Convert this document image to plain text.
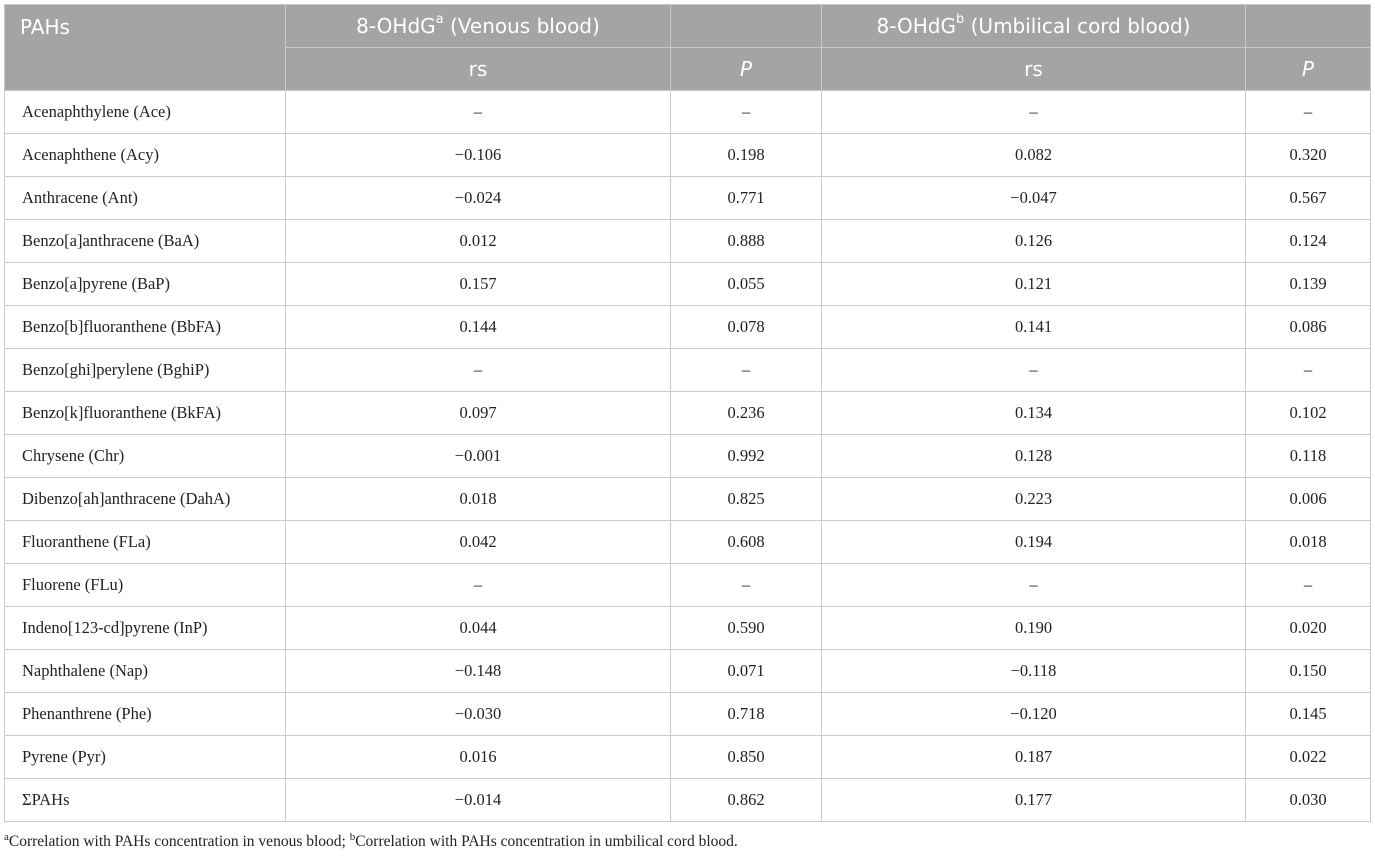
PAHs	8-OHdG$^a$ (Venous blood)		8-OHdG$^b$ (Umbilical cord blood)	
	rs	P	rs	P
Acenaphthylene (Ace)	–	–	–	–
Acenaphthene (Acy)	−0.106	0.198	0.082	0.320
Anthracene (Ant)	−0.024	0.771	−0.047	0.567
Benzo[a]anthracene (BaA)	0.012	0.888	0.126	0.124
Benzo[a]pyrene (BaP)	0.157	0.055	0.121	0.139
Benzo[b]fluoranthene (BbFA)	0.144	0.078	0.141	0.086
Benzo[ghi]perylene (BghiP)	–	–	–	–
Benzo[k]fluoranthene (BkFA)	0.097	0.236	0.134	0.102
Chrysene (Chr)	−0.001	0.992	0.128	0.118
Dibenzo[ah]anthracene (DahA)	0.018	0.825	0.223	0.006
Fluoranthene (FLa)	0.042	0.608	0.194	0.018
Fluorene (FLu)	–	–	–	–
Indeno[123-cd]pyrene (InP)	0.044	0.590	0.190	0.020
Naphthalene (Nap)	−0.148	0.071	−0.118	0.150
Phenanthrene (Phe)	−0.030	0.718	−0.120	0.145
Pyrene (Pyr)	0.016	0.850	0.187	0.022
ΣPAHs	−0.014	0.862	0.177	0.030
$^a$Correlation with PAHs concentration in venous blood; $^b$Correlation with PAHs concentration in umbilical cord blood.
